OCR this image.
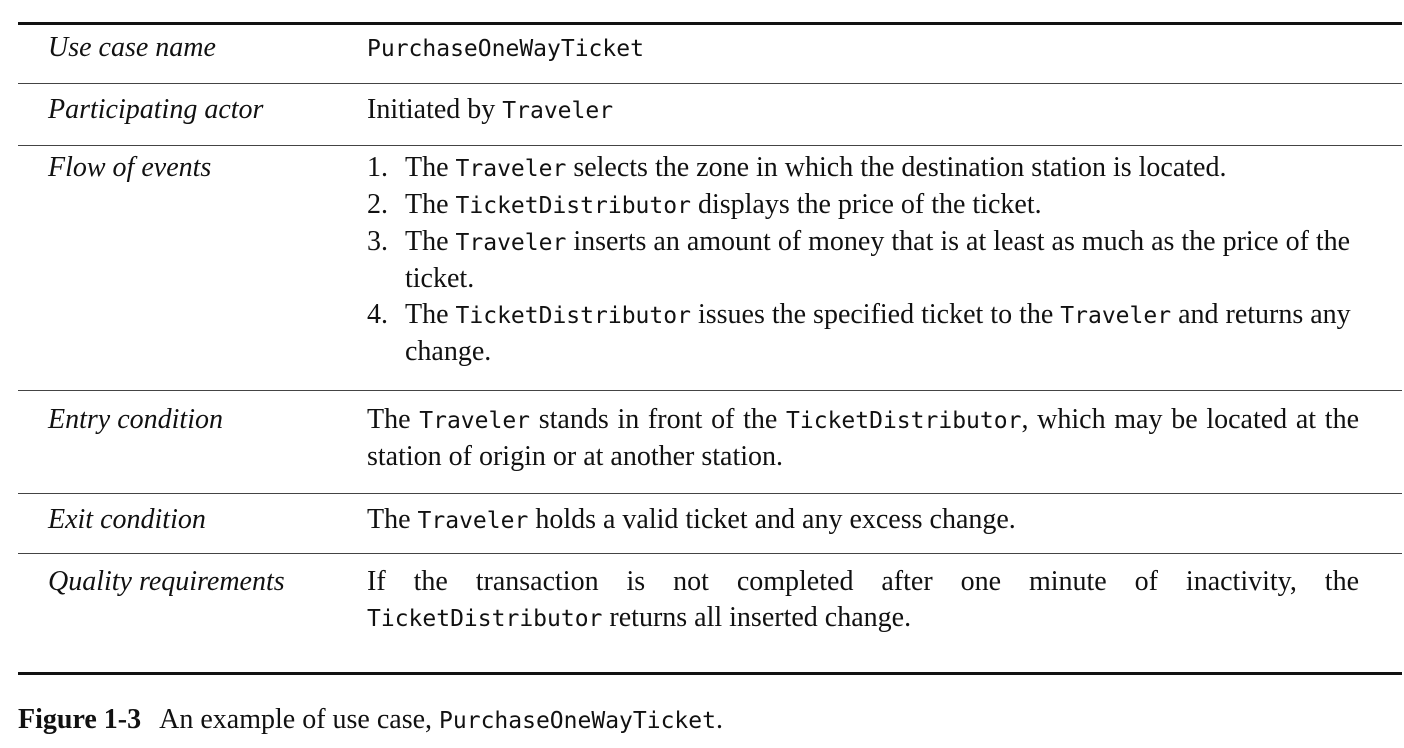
Use case name	PurchaseOneWayTicket
Participating actor	Initiated by Traveler
Flow of events	1. The Traveler selects the zone in which the destination station is located.
2. The TicketDistributor displays the price of the ticket.
3. The Traveler inserts an amount of money that is at least as much as the price of the ticket.
4. The TicketDistributor issues the specified ticket to the Traveler and returns any change.
Entry condition	The Traveler stands in front of the TicketDistributor, which may be located at the station of origin or at another station.
Exit condition	The Traveler holds a valid ticket and any excess change.
Quality requirements	If the transaction is not completed after one minute of inactivity, the TicketDistributor returns all inserted change.
Figure 1-3 An example of use case, PurchaseOneWayTicket.
